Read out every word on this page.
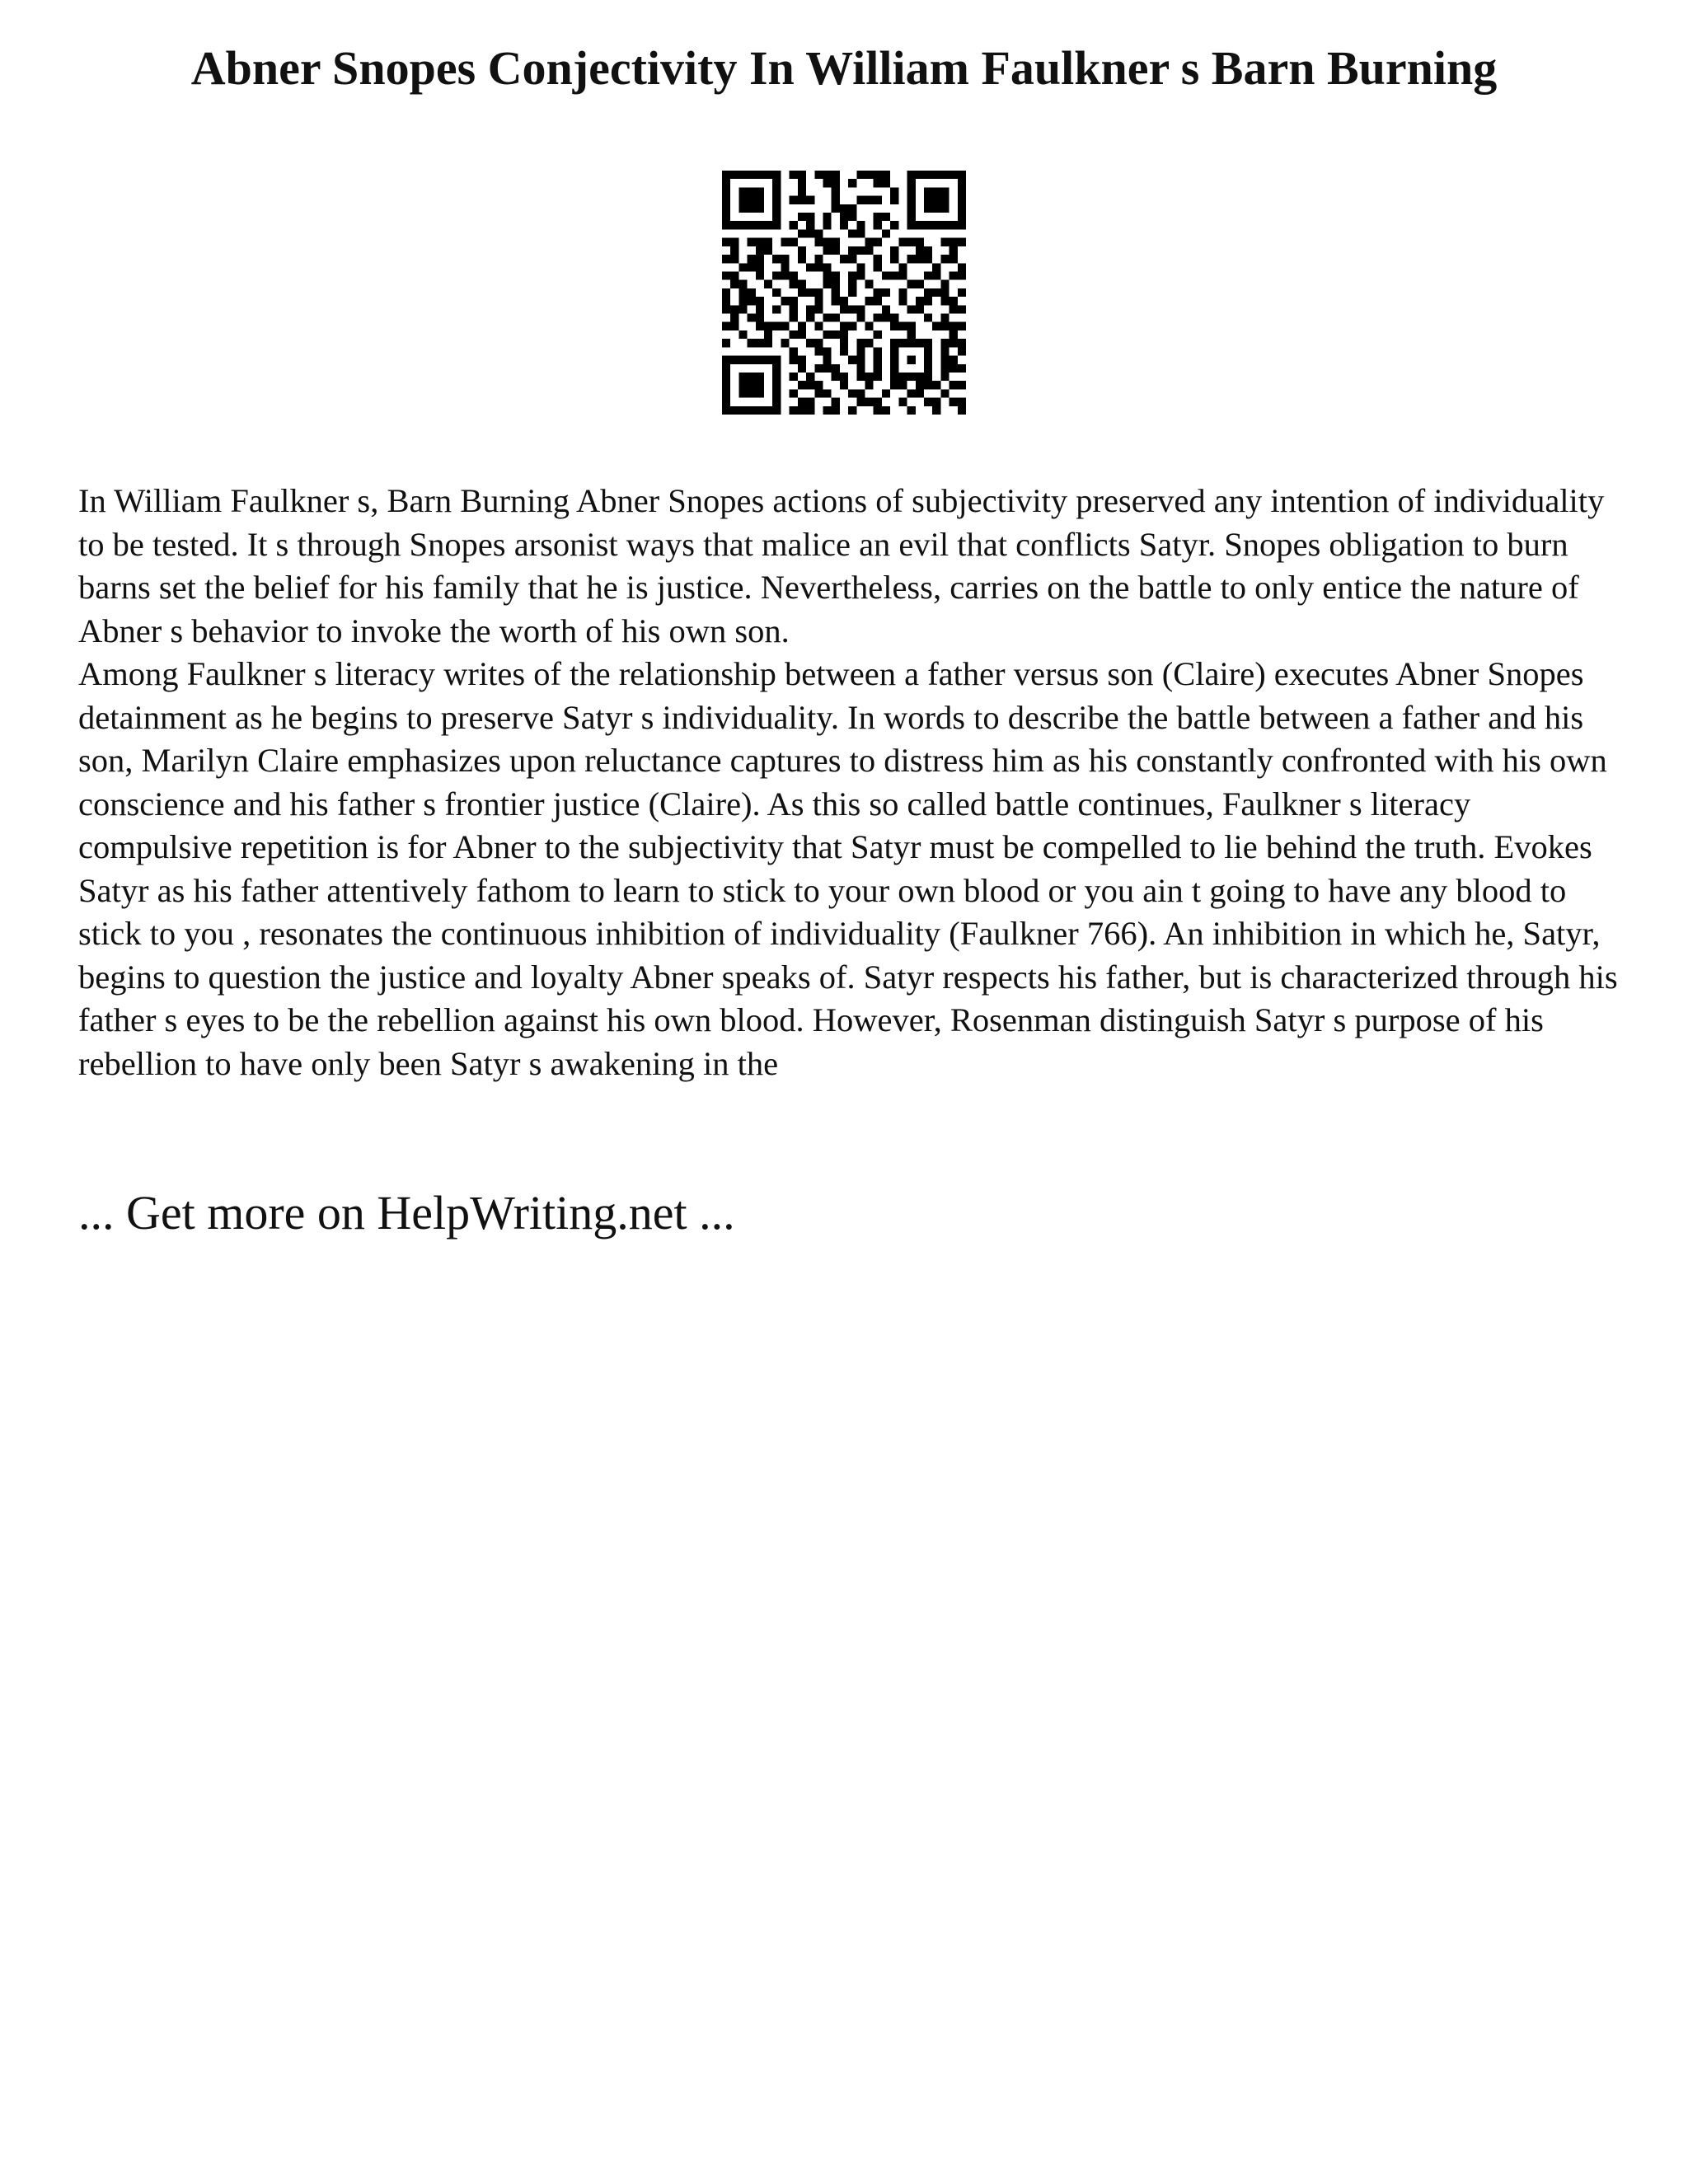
Abner Snopes Conjectivity In William Faulkner s Barn Burning

In William Faulkner s, Barn Burning Abner Snopes actions of subjectivity preserved any intention of individuality to be tested. It s through Snopes arsonist ways that malice an evil that conflicts Satyr. Snopes obligation to burn barns set the belief for his family that he is justice. Nevertheless, carries on the battle to only entice the nature of Abner s behavior to invoke the worth of his own son.

Among Faulkner s literacy writes of the relationship between a father versus son (Claire) executes Abner Snopes detainment as he begins to preserve Satyr s individuality. In words to describe the battle between a father and his son, Marilyn Claire emphasizes upon reluctance captures to distress him as his constantly confronted with his own conscience and his father s frontier justice (Claire). As this so called battle continues, Faulkner s literacy compulsive repetition is for Abner to the subjectivity that Satyr must be compelled to lie behind the truth. Evokes Satyr as his father attentively fathom to learn to stick to your own blood or you ain t going to have any blood to stick to you , resonates the continuous inhibition of individuality (Faulkner 766). An inhibition in which he, Satyr, begins to question the justice and loyalty Abner speaks of. Satyr respects his father, but is characterized through his father s eyes to be the rebellion against his own blood. However, Rosenman distinguish Satyr s purpose of his rebellion to have only been Satyr s awakening in the

... Get more on HelpWriting.net ...
